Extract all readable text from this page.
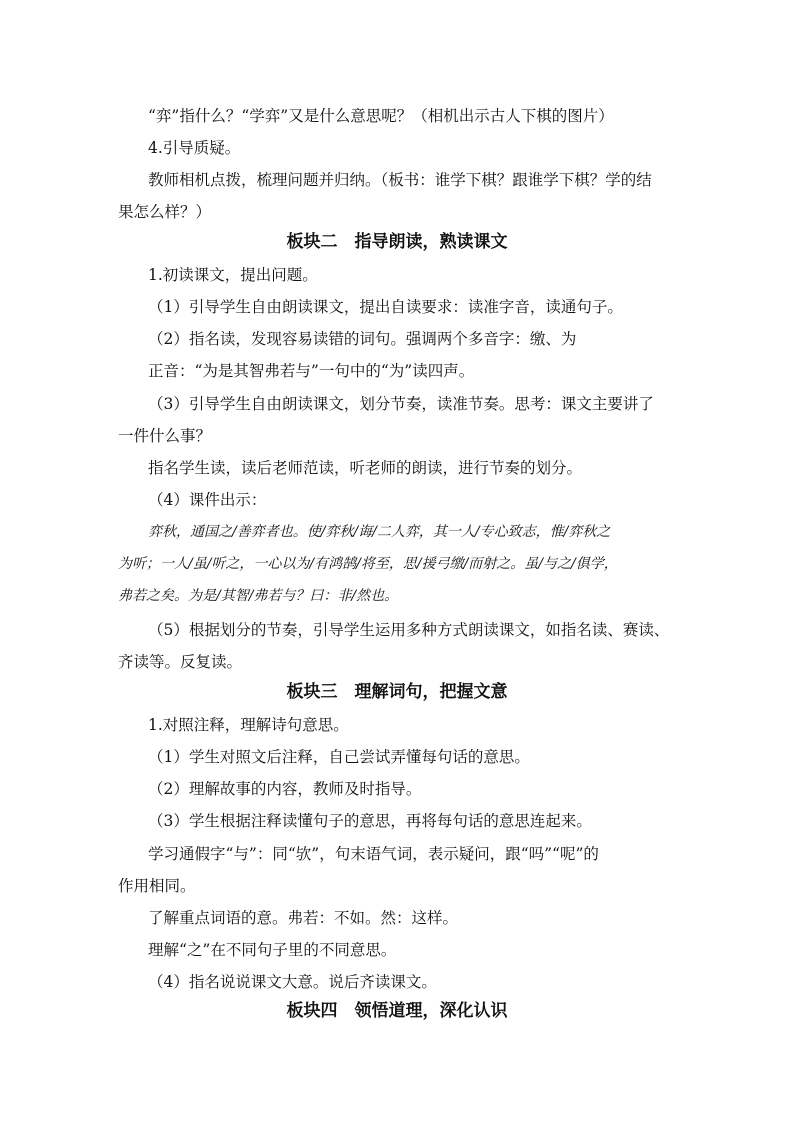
“弈”指什么？“学弈”又是什么意思呢？（相机出示古人下棋的图片）
4.引导质疑。
教师相机点拨，梳理问题并归纳。（板书：谁学下棋？跟谁学下棋？学的结
果怎么样？）
板块二　指导朗读，熟读课文
1.初读课文，提出问题。
（1）引导学生自由朗读课文，提出自读要求：读准字音，读通句子。
（2）指名读，发现容易读错的词句。强调两个多音字：缴、为
正音：“为是其智弗若与”一句中的“为”读四声。
（3）引导学生自由朗读课文，划分节奏，读准节奏。思考：课文主要讲了
一件什么事？
指名学生读，读后老师范读，听老师的朗读，进行节奏的划分。
（4）课件出示：
弈秋，通国之/善弈者也。使/弈秋/诲/二人弈，其一人/专心致志，惟/弈秋之
为听；一人/虽/听之，一心以为/有鸿鹄/将至，思/援弓缴/而射之。虽/与之/俱学，
弗若之矣。为是/其智/弗若与？曰：非/然也。
（5）根据划分的节奏，引导学生运用多种方式朗读课文，如指名读、赛读、
齐读等。反复读。
板块三　理解词句，把握文意
1.对照注释，理解诗句意思。
（1）学生对照文后注释，自己尝试弄懂每句话的意思。
（2）理解故事的内容，教师及时指导。
（3）学生根据注释读懂句子的意思，再将每句话的意思连起来。
学习通假字“与”：同“欤”，句末语气词，表示疑问，跟“吗”“呢”的
作用相同。
了解重点词语的意。弗若：不如。然：这样。
理解“之”在不同句子里的不同意思。
（4）指名说说课文大意。说后齐读课文。
板块四　领悟道理，深化认识
